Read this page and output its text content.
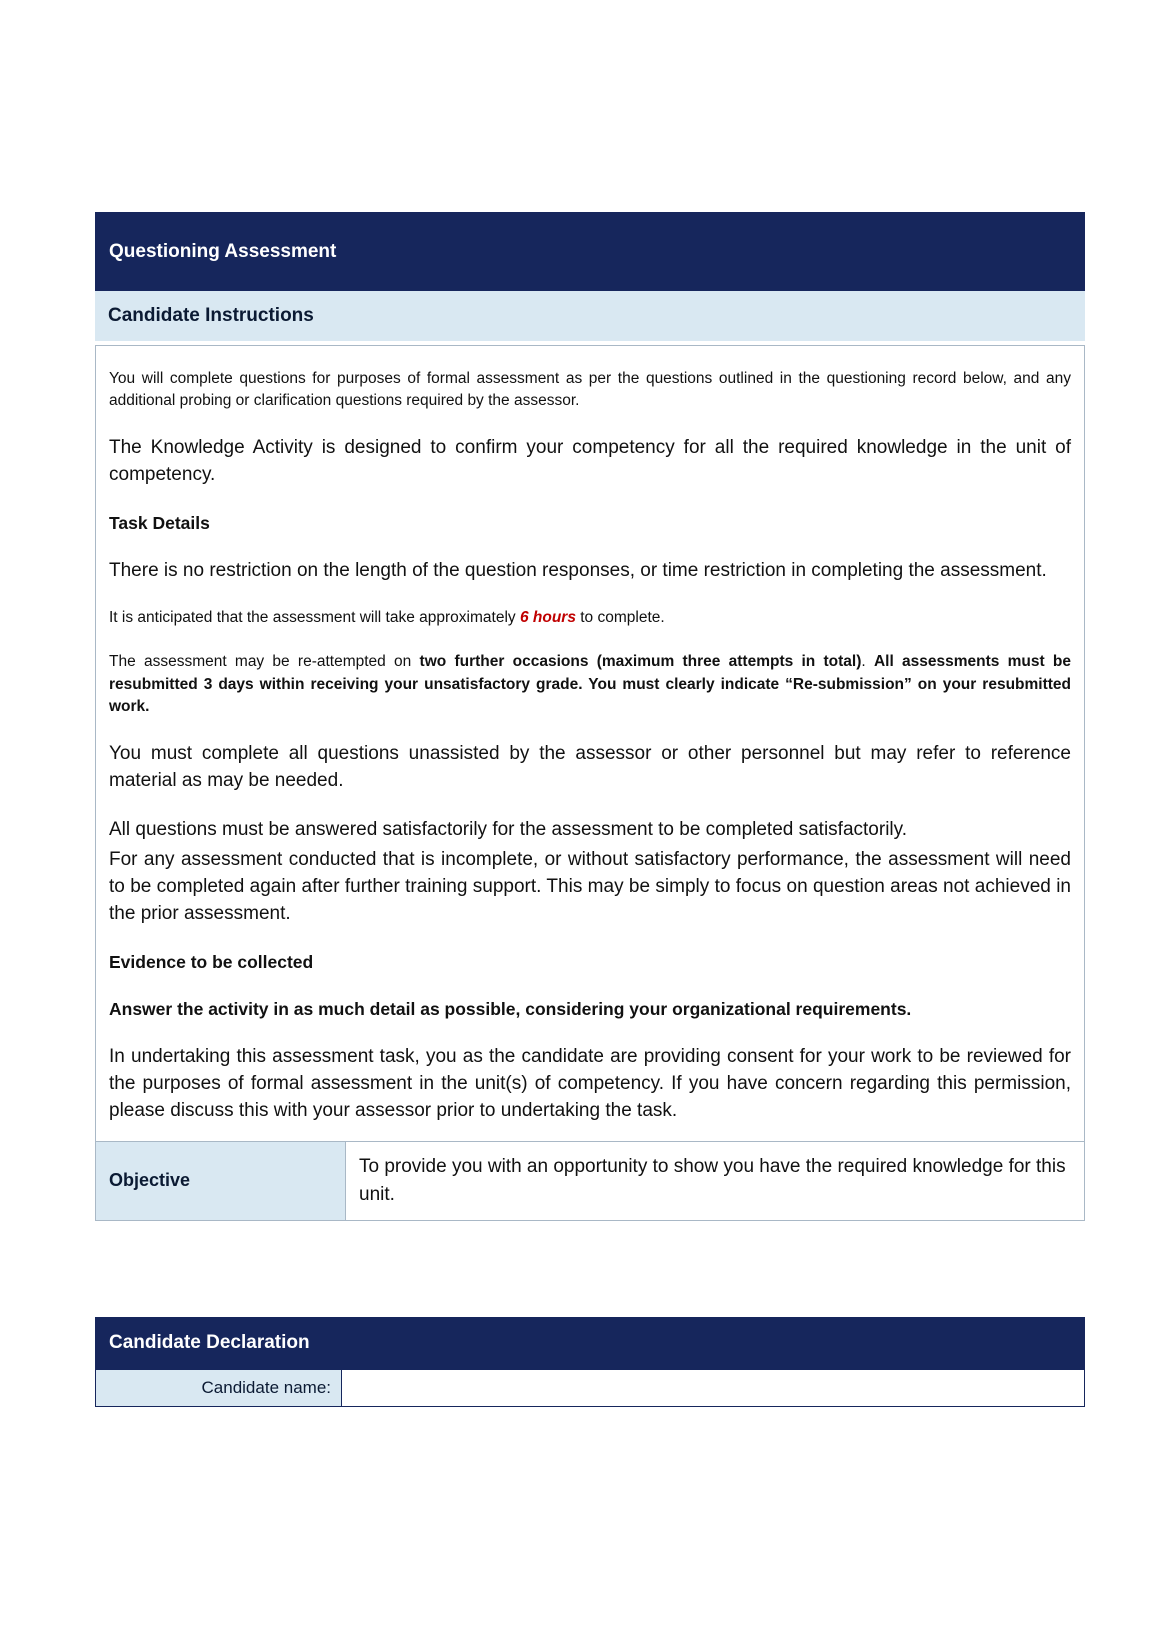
Questioning Assessment
Candidate Instructions

You will complete questions for purposes of formal assessment as per the questions outlined in the questioning record below, and any additional probing or clarification questions required by the assessor.

The Knowledge Activity is designed to confirm your competency for all the required knowledge in the unit of competency.

Task Details

There is no restriction on the length of the question responses, or time restriction in completing the assessment.

It is anticipated that the assessment will take approximately 6 hours to complete.

The assessment may be re-attempted on two further occasions (maximum three attempts in total). All assessments must be resubmitted 3 days within receiving your unsatisfactory grade. You must clearly indicate “Re-submission” on your resubmitted work.

You must complete all questions unassisted by the assessor or other personnel but may refer to reference material as may be needed.

All questions must be answered satisfactorily for the assessment to be completed satisfactorily.

For any assessment conducted that is incomplete, or without satisfactory performance, the assessment will need to be completed again after further training support. This may be simply to focus on question areas not achieved in the prior assessment.

Evidence to be collected

Answer the activity in as much detail as possible, considering your organizational requirements.

In undertaking this assessment task, you as the candidate are providing consent for your work to be reviewed for the purposes of formal assessment in the unit(s) of competency. If you have concern regarding this permission, please discuss this with your assessor prior to undertaking the task.

Objective
To provide you with an opportunity to show you have the required knowledge for this unit.
Candidate Declaration
Candidate name:
